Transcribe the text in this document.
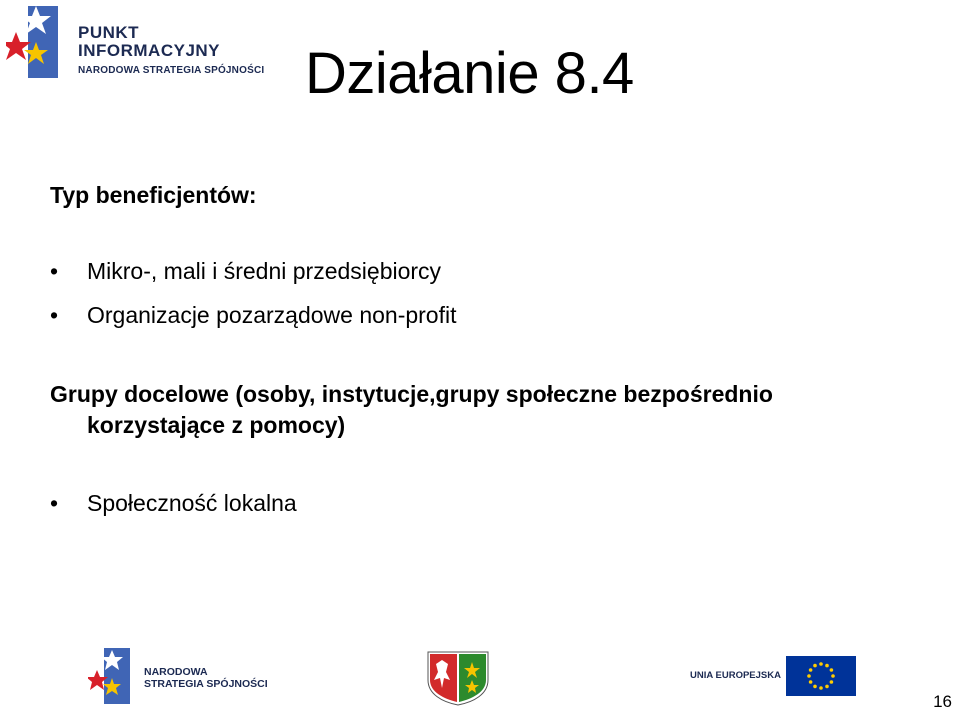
PUNKT
INFORMACYJNY
NARODOWA STRATEGIA SPÓJNOŚCI Działanie 8.4
Typ beneficjentów:
• Mikro-, mali i średni przedsiębiorcy
• Organizacje pozarządowe non-profit
Grupy docelowe (osoby, instytucje,grupy społeczne bezpośrednio
korzystające z pomocy)
• Społeczność lokalna
NARODOWA
STRATEGIA SPÓJNOŚCI
UNIA EUROPEJSKA
16
